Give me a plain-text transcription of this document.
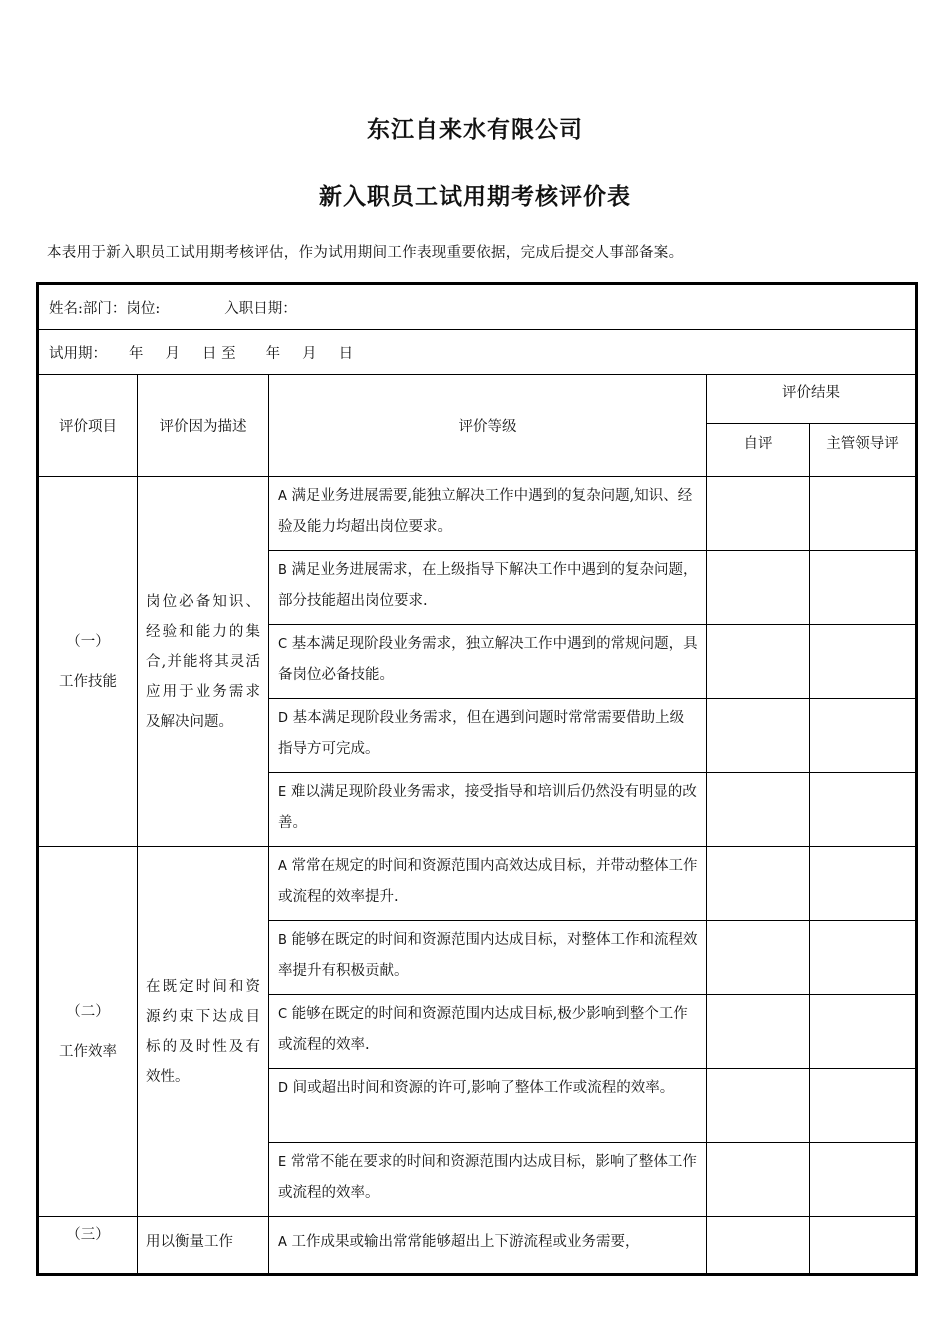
东江自来水有限公司
新入职员工试用期考核评价表
本表用于新入职员工试用期考核评估，作为试用期间工作表现重要依据，完成后提交人事部备案。
姓名:部门：岗位: 入职日期：				
试用期： 年 月 日 至 年 月 日				
评价项目	评价因为描述	评价等级	评价结果	
			自评	主管领导评

（一）
工作技能	岗位必备知识、经验和能力的集合,并能将其灵活应用于业务需求及解决问题。	A 满足业务进展需要,能独立解决工作中遇到的复杂问题,知识、经验及能力均超出岗位要求。		
		B 满足业务进展需求，在上级指导下解决工作中遇到的复杂问题，部分技能超出岗位要求.		
		C 基本满足现阶段业务需求，独立解决工作中遇到的常规问题，具备岗位必备技能。		
		D 基本满足现阶段业务需求，但在遇到问题时常常需要借助上级指导方可完成。		
		E 难以满足现阶段业务需求，接受指导和培训后仍然没有明显的改善。		

（二）
工作效率	在既定时间和资源约束下达成目标的及时性及有效性。	A 常常在规定的时间和资源范围内高效达成目标，并带动整体工作或流程的效率提升.		
		B 能够在既定的时间和资源范围内达成目标，对整体工作和流程效　率提升有积极贡献。		
		C 能够在既定的时间和资源范围内达成目标,极少影响到整个工作　或流程的效率.		
		D 间或超出时间和资源的许可,影响了整体工作或流程的效率。		
		E 常常不能在要求的时间和资源范围内达成目标，影响了整体工作　或流程的效率。		

（三）	用以衡量工作	A 工作成果或输出常常能够超出上下游流程或业务需要，		
